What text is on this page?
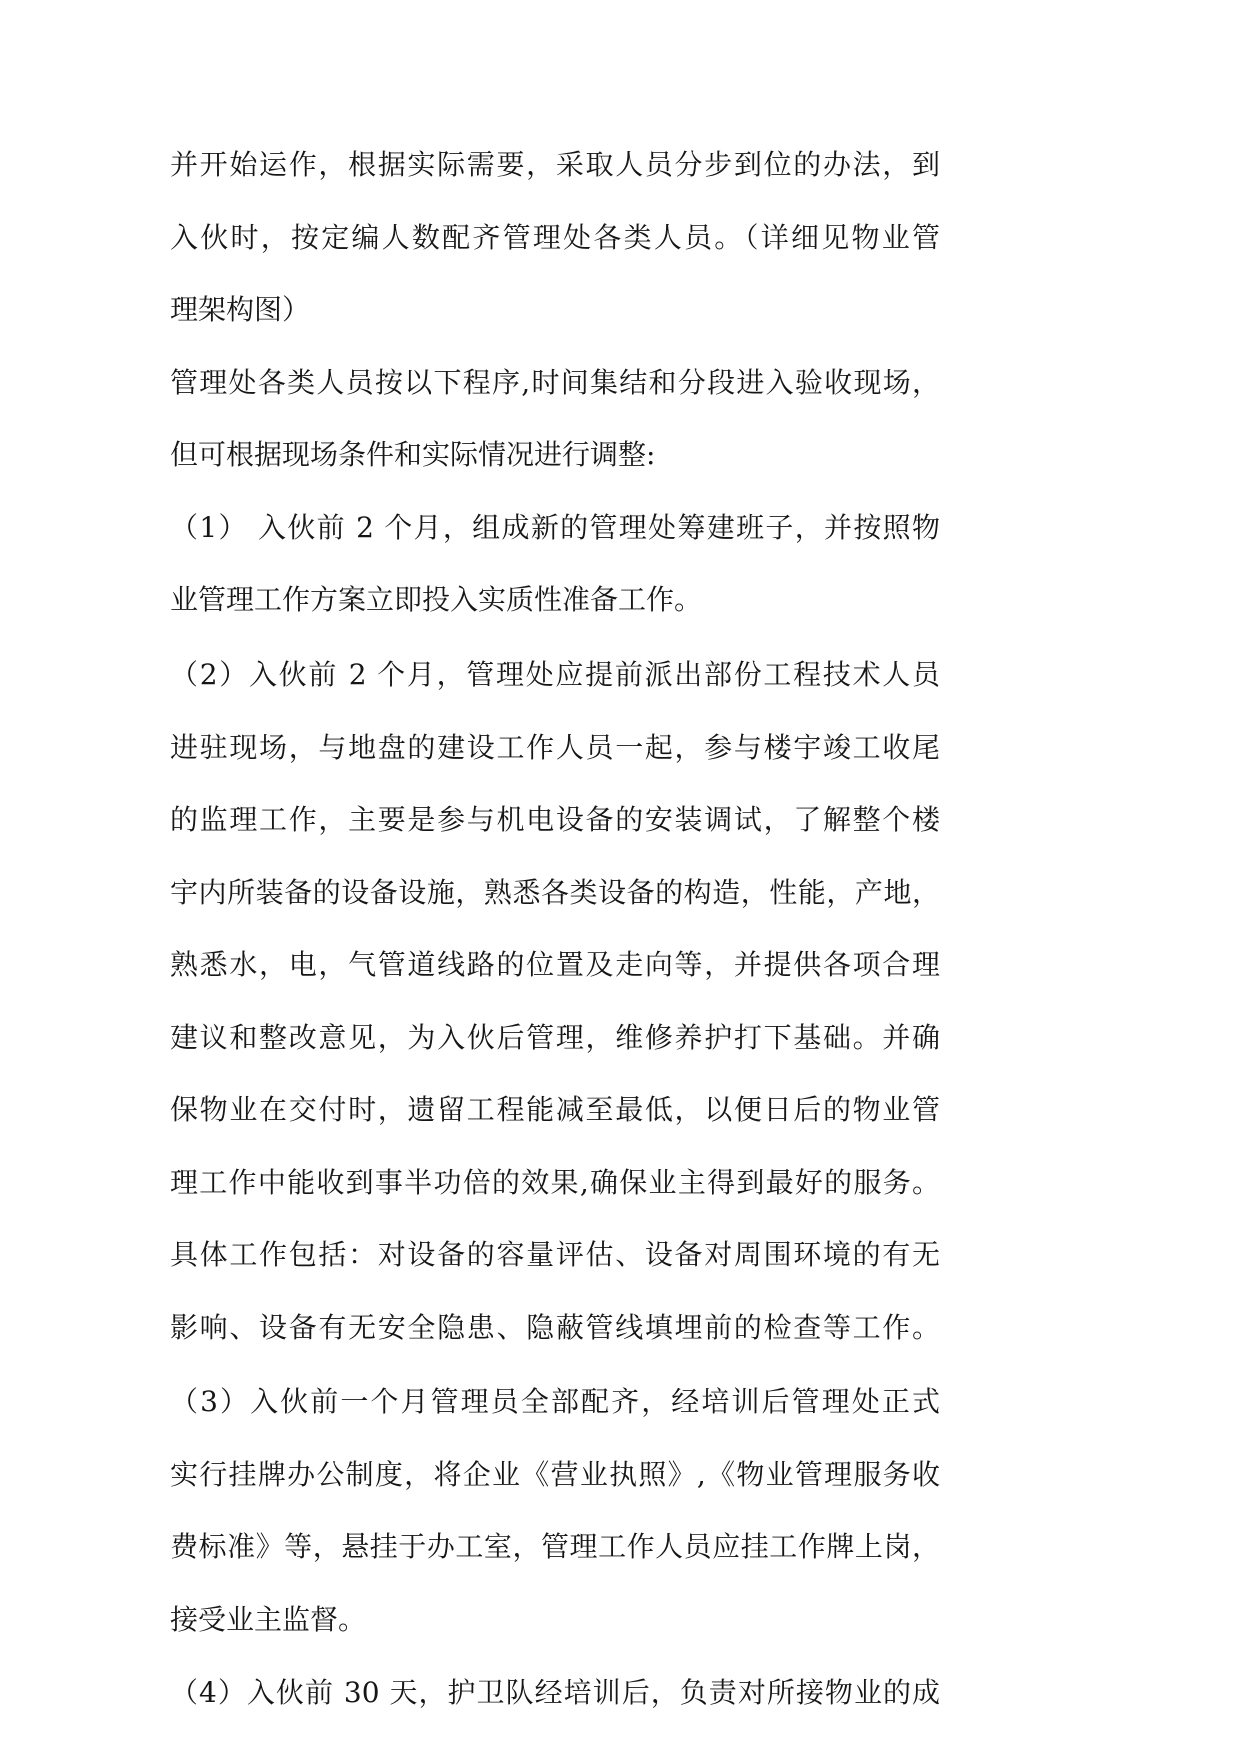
并开始运作，根据实际需要，采取人员分步到位的办法，到
入伙时，按定编人数配齐管理处各类人员。（详细见物业管
理架构图）
管理处各类人员按以下程序,时间集结和分段进入验收现场，
但可根据现场条件和实际情况进行调整:
（1） 入伙前 2 个月，组成新的管理处筹建班子，并按照物
业管理工作方案立即投入实质性准备工作。
（2）入伙前 2 个月，管理处应提前派出部份工程技术人员
进驻现场，与地盘的建设工作人员一起，参与楼宇竣工收尾
的监理工作，主要是参与机电设备的安装调试，了解整个楼
宇内所装备的设备设施，熟悉各类设备的构造，性能，产地，
熟悉水，电，气管道线路的位置及走向等，并提供各项合理
建议和整改意见，为入伙后管理，维修养护打下基础。并确
保物业在交付时，遗留工程能减至最低，以便日后的物业管
理工作中能收到事半功倍的效果,确保业主得到最好的服务。
具体工作包括：对设备的容量评估、设备对周围环境的有无
影响、设备有无安全隐患、隐蔽管线填埋前的检查等工作。
（3）入伙前一个月管理员全部配齐，经培训后管理处正式
实行挂牌办公制度，将企业《营业执照》,《物业管理服务收
费标准》等，悬挂于办工室，管理工作人员应挂工作牌上岗，
接受业主监督。
（4）入伙前 30 天，护卫队经培训后，负责对所接物业的成
